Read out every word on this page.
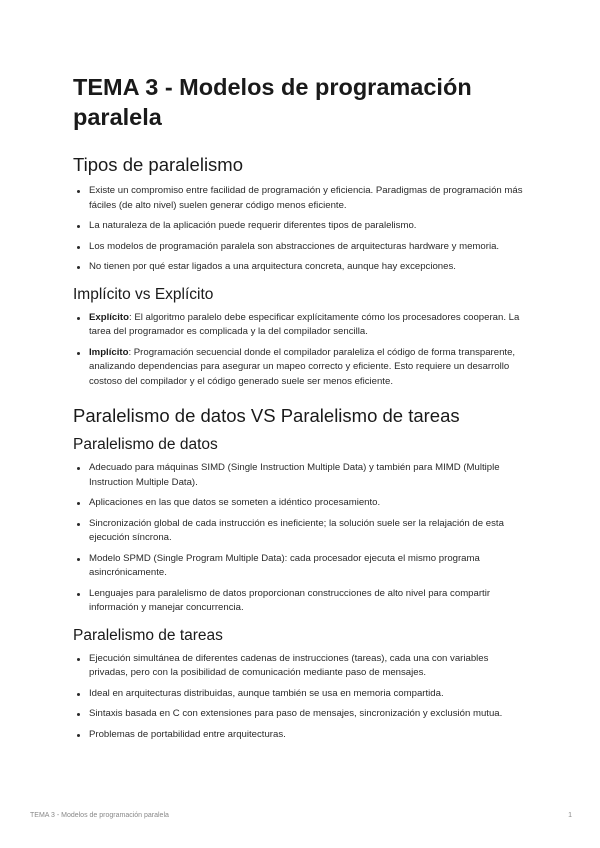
TEMA 3 - Modelos de programación paralela
Tipos de paralelismo
Existe un compromiso entre facilidad de programación y eficiencia. Paradigmas de programación más fáciles (de alto nivel) suelen generar código menos eficiente.
La naturaleza de la aplicación puede requerir diferentes tipos de paralelismo.
Los modelos de programación paralela son abstracciones de arquitecturas hardware y memoria.
No tienen por qué estar ligados a una arquitectura concreta, aunque hay excepciones.
Implícito vs Explícito
Explícito: El algoritmo paralelo debe especificar explícitamente cómo los procesadores cooperan. La tarea del programador es complicada y la del compilador sencilla.
Implícito: Programación secuencial donde el compilador paraleliza el código de forma transparente, analizando dependencias para asegurar un mapeo correcto y eficiente. Esto requiere un desarrollo costoso del compilador y el código generado suele ser menos eficiente.
Paralelismo de datos VS Paralelismo de tareas
Paralelismo de datos
Adecuado para máquinas SIMD (Single Instruction Multiple Data) y también para MIMD (Multiple Instruction Multiple Data).
Aplicaciones en las que datos se someten a idéntico procesamiento.
Sincronización global de cada instrucción es ineficiente; la solución suele ser la relajación de esta ejecución síncrona.
Modelo SPMD (Single Program Multiple Data): cada procesador ejecuta el mismo programa asincrónicamente.
Lenguajes para paralelismo de datos proporcionan construcciones de alto nivel para compartir información y manejar concurrencia.
Paralelismo de tareas
Ejecución simultánea de diferentes cadenas de instrucciones (tareas), cada una con variables privadas, pero con la posibilidad de comunicación mediante paso de mensajes.
Ideal en arquitecturas distribuidas, aunque también se usa en memoria compartida.
Sintaxis basada en C con extensiones para paso de mensajes, sincronización y exclusión mutua.
Problemas de portabilidad entre arquitecturas.
TEMA 3 - Modelos de programación paralela	1
